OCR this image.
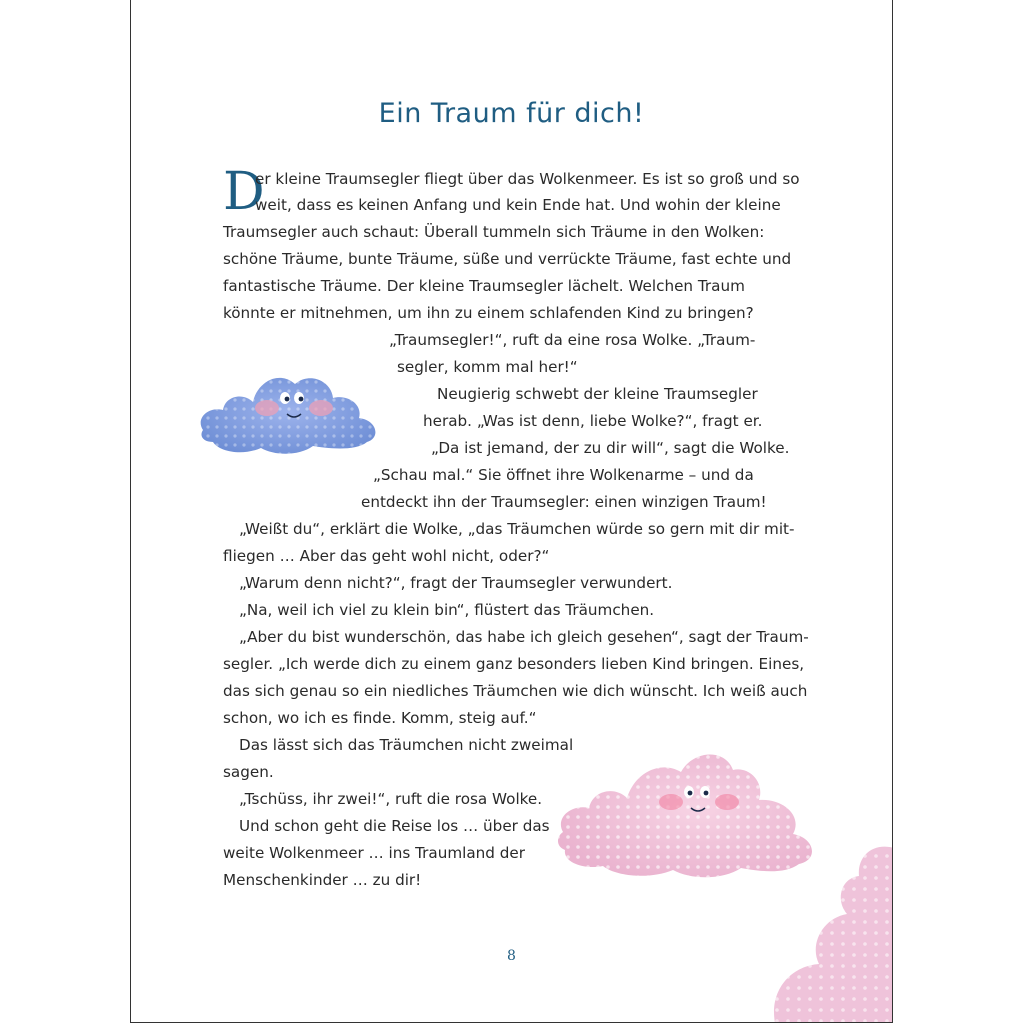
Ein Traum für dich!
D
er kleine Traumsegler fliegt über das Wolkenmeer. Es ist so groß und so
weit, dass es keinen Anfang und kein Ende hat. Und wohin der kleine
Traumsegler auch schaut: Überall tummeln sich Träume in den Wolken:
schöne Träume, bunte Träume, süße und verrückte Träume, fast echte und
fantastische Träume. Der kleine Traumsegler lächelt. Welchen Traum
könnte er mitnehmen, um ihn zu einem schlafenden Kind zu bringen?
„Traumsegler!“, ruft da eine rosa Wolke. „Traum-
segler, komm mal her!“
Neugierig schwebt der kleine Traumsegler
herab. „Was ist denn, liebe Wolke?“, fragt er.
„Da ist jemand, der zu dir will“, sagt die Wolke.
„Schau mal.“ Sie öffnet ihre Wolkenarme – und da
entdeckt ihn der Traumsegler: einen winzigen Traum!
„Weißt du“, erklärt die Wolke, „das Träumchen würde so gern mit dir mit-
fliegen … Aber das geht wohl nicht, oder?“
„Warum denn nicht?“, fragt der Traumsegler verwundert.
„Na, weil ich viel zu klein bin“, flüstert das Träumchen.
„Aber du bist wunderschön, das habe ich gleich gesehen“, sagt der Traum-
segler. „Ich werde dich zu einem ganz besonders lieben Kind bringen. Eines,
das sich genau so ein niedliches Träumchen wie dich wünscht. Ich weiß auch
schon, wo ich es finde. Komm, steig auf.“
Das lässt sich das Träumchen nicht zweimal
sagen.
„Tschüss, ihr zwei!“, ruft die rosa Wolke.
Und schon geht die Reise los … über das
weite Wolkenmeer … ins Traumland der
Menschenkinder … zu dir!
8
